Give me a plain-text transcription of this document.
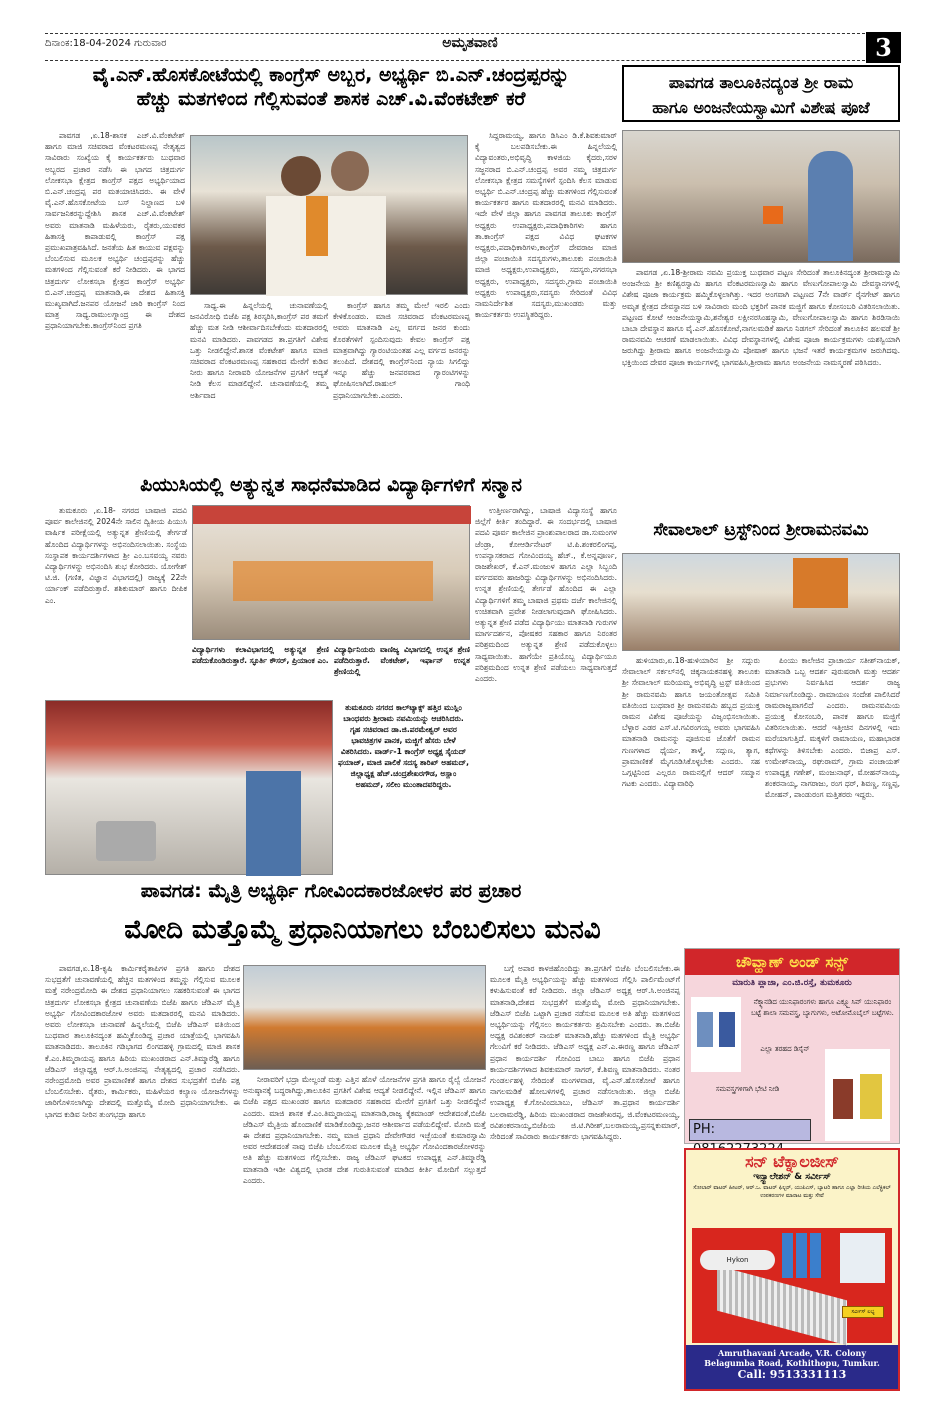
ದಿನಾಂಕ:18-04-2024 ಗುರುವಾರ	ಅಮೃತವಾಣಿ	3
ವೈ.ಎನ್.ಹೊಸಕೋಟೆಯಲ್ಲಿ ಕಾಂಗ್ರೆಸ್ ಅಬ್ಬರ, ಅಭ್ಯರ್ಥಿ ಬಿ.ಎನ್.ಚಂದ್ರಪ್ಪರನ್ನು
ಹೆಚ್ಚು ಮತಗಳಿಂದ ಗೆಲ್ಲಿಸುವಂತೆ ಶಾಸಕ ಎಚ್.ವಿ.ವೆಂಕಟೇಶ್ ಕರೆ

ಪಾವಗಡ ,ಏ.18-ಶಾಸಕ ಎಚ್.ವಿ.ವೆಂಕಟೇಶ್ ಹಾಗೂ ಮಾಜಿ ಸಚಿವರಾದ ವೆಂಕಟರಮಣಪ್ಪ ನೇತೃತ್ವದ ಸಾವಿರಾರು ಸಂಖ್ಯೆಯ ಕೈ ಕಾರ್ಯಕರ್ತರು ಬುಧವಾರ ಅಬ್ಬರದ ಪ್ರಚಾರ ನಡೆಸಿ ಈ ಭಾಗದ ಚಿತ್ರದುರ್ಗ ಲೋಕಸಭಾ ಕ್ಷೇತ್ರದ ಕಾಂಗ್ರೆಸ್ ಪಕ್ಷದ ಅಭ್ಯರ್ಥಿಯಾದ ಬಿ.ಎನ್.ಚಂದ್ರಪ್ಪ ಪರ ಮತಯಾಚಿಸಿದರು. ಈ ವೇಳೆ ವೈ.ಎನ್.ಹೊಸಕೋಟೆಯ ಬಸ್ ನಿಲ್ದಾಣದ ಬಳಿ ಸಾರ್ವಜನಿಕರನ್ನುದ್ದೇಶಿಸಿ ಶಾಸಕ ಎಚ್.ವಿ.ವೆಂಕಟೇಶ್ ಅವರು ಮಾತನಾಡಿ ಮಹಿಳೆಯರು, ರೈತರು,ಯುವಕರ ಹಿತಾಸಕ್ತಿ ಕಾಪಾಡುವಲ್ಲಿ ಕಾಂಗ್ರೆಸ್ ಪಕ್ಷ ಪ್ರಮುಖಪಾತ್ರವಹಿಸಿದೆ. ಜನತೆಯ ಹಿತ ಕಾಯುವ ಪಕ್ಷವನ್ನು ಬೆಂಬಲಿಸುವ ಮೂಲಕ ಅಭ್ಯರ್ಥಿ ಚಂದ್ರಪ್ಪರನ್ನು ಹೆಚ್ಚು ಮತಗಳಿಂದ ಗೆಲ್ಲಿಸುವಂತೆ ಕರೆ ನೀಡಿದರು. ಈ ಭಾಗದ ಚಿತ್ರದುರ್ಗ ಲೋಕಸಭಾ ಕ್ಷೇತ್ರದ ಕಾಂಗ್ರೆಸ್ ಅಭ್ಯರ್ಥಿ ಬಿ.ಎನ್.ಚಂದ್ರಪ್ಪ ಮಾತನಾಡಿ,ಈ ದೇಶದ ಹಿತಾಸಕ್ತಿ ಮುಖ್ಯವಾಗಿದೆ.ಜನಪರ ಯೋಜನೆ ಜಾರಿ ಕಾಂಗ್ರೆಸ್ ನಿಂದ ಮಾತ್ರ ಸಾಧ್ಯ.ರಾಮುಲಗ್ನಾಂದ್ರ ಈ ದೇಶದ ಪ್ರಧಾನಿಯಾಗಬೇಕು.ಕಾಂಗ್ರೆಸ್‌ನಿಂದ ಪ್ರಗತಿ

ಸಾಧ್ಯ.ಈ ಹಿನ್ನಲೆಯಲ್ಲಿ ಚುನಾವಣೆಯಲ್ಲಿ ಜನವಿರೋಧಿ ಬಿಜೆಪಿ ಪಕ್ಷ ತಿರಸ್ಕರಿಸಿ,ಕಾಂಗ್ರೆಸ್ ಪರ ತಮಗೆ ಹೆಚ್ಚು ಮತ ನೀಡಿ ಆಶೀರ್ವಾದಿಸಬೇಕೆಂದು ಮತದಾರರಲ್ಲಿ ಮನವಿ ಮಾಡಿದರು. ಪಾವಗಡದ ತಾ.ಪ್ರಗತಿಗೆ ವಿಶೇಷ ಒತ್ತು ನೀಡಲಿದ್ದೇನೆ.ಶಾಸಕ ವೆಂಕಟೇಶ್ ಹಾಗೂ ಮಾಜಿ ಸಚಿವರಾದ ವೆಂಕಟರಮಣಪ್ಪ ಸಹಕಾರದ ಮೇರೆಗೆ ಕುಡಿವ ನೀರು ಹಾಗೂ ನೀರಾವರಿ ಯೋಜನೆಗಳ ಪ್ರಗತಿಗೆ ಆದ್ಯತೆ ನೀಡಿ ಕೆಲಸ ಮಾಡಲಿದ್ದೇನೆ. ಚುನಾವಣೆಯಲ್ಲಿ ತಮ್ಮ ಅರ್ಶಿವಾದ

ಕಾಂಗ್ರೆಸ್ ಹಾಗೂ ತಮ್ಮ ಮೇಲೆ ಇರಲಿ ಎಂದು ಕೇಳಿಕೊಂಡರು. ಮಾಜಿ ಸಚಿವರಾದ ವೆಂಕಟರಮಣಪ್ಪ ಅವರು ಮಾತನಾಡಿ ಎಲ್ಲ ವರ್ಗದ ಜನರ ಕುಂದು ಕೊರತೆಗಳಿಗೆ ಸ್ಪಂದಿಸುವುದು ಕೇವಲ ಕಾಂಗ್ರೆಸ್ ಪಕ್ಷ ಮಾತ್ರವಾಗಿದ್ದು ಗ್ಯಾರಂಟಿಯಂತಹ ಎಲ್ಲ ವರ್ಗದ ಜನರನ್ನು ತಲುಪಿದೆ. ದೇಶದಲ್ಲಿ ಕಾಂಗ್ರೆಸ್‌ನಿಂದ ನ್ಯಾಯ ಸಿಗಲಿದ್ದು ಇನ್ನೂ ಹೆಚ್ಚು ಜನಪರವಾದ ಗ್ಯಾರಂಟಿಗಳನ್ನು ಘೋಷಿಸಲಾಗಿದೆ.ರಾಹುಲ್ ಗಾಂಧಿ ಪ್ರಧಾನಿಯಾಗಬೇಕು.ಎಂದರು.

ಸಿದ್ದರಾಮಯ್ಯ, ಹಾಗೂ ಡಿಸಿಎಂ ಡಿ.ಕೆ.ಶಿವಕುಮಾರ್ ಕೈ ಬಲಪಡಿಸಬೇಕು.ಈ ಹಿನ್ನಲೆಯಲ್ಲಿ ವಿದ್ಯಾವಂತರು,ಅಭಿವೃದ್ಧಿ ಕಾಳಜಿಯ ಕೈದರು,ಸರಳ ಸಜ್ಜನರಾದ ಬಿ.ಎನ್.ಚಂದ್ರಪ್ಪ ಅವರ ನಮ್ಮ ಚಿತ್ರದುರ್ಗ ಲೋಕಸಭಾ ಕ್ಷೇತ್ರದ ಸಮಸ್ಯೆಗಳಿಗೆ ಸ್ಪಂದಿಸಿ ಕೆಲಸ ಮಾಡುವ ಅಭ್ಯರ್ಥಿ ಬಿ.ಎನ್.ಚಂದ್ರಪ್ಪ ಹೆಚ್ಚು ಮತಗಳಿಂದ ಗೆಲ್ಲಿಸುವಂತೆ ಕಾರ್ಯಕರ್ತರ ಹಾಗೂ ಮತದಾರರಲ್ಲಿ ಮನವಿ ಮಾಡಿದರು. ಇದೇ ವೇಳೆ ಜಿಲ್ಲಾ ಹಾಗೂ ಪಾವಗಡ ತಾಲೂಕು ಕಾಂಗ್ರೆಸ್ ಅಧ್ಯಕ್ಷರು ಉಪಾಧ್ಯಕ್ಷರು,ಪದಾಧಿಕಾರಿಗಳು ಹಾಗೂ ತಾ.ಕಾಂಗ್ರೆಸ್ ಪಕ್ಷದ ವಿವಿಧ ಘಟಕಗಳ ಅಧ್ಯಕ್ಷರು,ಪದಾಧಿಕಾರಿಗಳು,ಕಾಂಗ್ರೆಸ್ ದೇವರಾಜ ಮಾಜಿ ಜಿಲ್ಲಾ ಪಂಚಾಯಿತಿ ಸದಸ್ಯರುಗಳು,ತಾಲೂಕು ಪಂಚಾಯಿತಿ ಮಾಜಿ ಅಧ್ಯಕ್ಷರು,ಉಪಾಧ್ಯಕ್ಷರು, ಸದಸ್ಯರು,ನಗರಸಭಾ ಅಧ್ಯಕ್ಷರು, ಉಪಾಧ್ಯಕ್ಷರು, ಸದಸ್ಯರು,ಗ್ರಾಮ ಪಂಚಾಯಿತಿ ಅಧ್ಯಕ್ಷರು ಉಪಾಧ್ಯಕ್ಷರು,ಸದಸ್ಯರು ಸೇರಿದಂತೆ ವಿವಿಧ ನಾಮನಿರ್ದೇಶಿತ ಸದಸ್ಯರು,ಮುಖಂಡರು ಮತ್ತು ಕಾರ್ಯಕರ್ತರು ಉಪಸ್ಥಿತರಿದ್ದರು.

ಪಾವಗಡ ತಾಲೂಕಿನದ್ಯಂತ ಶ್ರೀ ರಾಮ
ಹಾಗೂ ಅಂಜನೇಯಸ್ವಾಮಿಗೆ ವಿಶೇಷ ಪೂಜೆ

ಪಾವಗಡ ,ಏ.18-ಶ್ರೀರಾಮ ನವಮಿ ಪ್ರಯುಕ್ತ ಬುಧವಾರ ಪಟ್ಟಣ ಸೇರಿದಂತೆ ತಾಲೂಕಿನದ್ಯಂತ ಶ್ರೀರಾಮಸ್ವಾಮಿ ಅಂಜನೇಯ ಶ್ರೀ ಕಣಿಶ್ವರಸ್ವಾಮಿ ಹಾಗೂ ವೆಂಕಟರಮಣಸ್ವಾಮಿ ಹಾಗೂ ವೇಣುಗೋಪಾಲಸ್ವಾಮಿ ದೇವಸ್ಥಾನಗಳಲ್ಲಿ ವಿಶೇಷ ಪೂಜಾ ಕಾರ್ಯಕ್ರಮ ಹಮ್ಮಿಕೊಳ್ಳಲಾಗಿತ್ತು. ಇದರ ಅಂಗವಾಗಿ ಪಟ್ಟಣದ 7ನೇ ವಾರ್ಡ್ ರೈನಗೇಟ್ ಹಾಗೂ ಅಮೃತ ಕ್ಷೇತ್ರದ ದೇವಸ್ಥಾನದ ಬಳಿ ಸಾವಿರಾರು ಮಂದಿ ಭಕ್ತರಿಗೆ ಪಾನಕ ಮಜ್ಜಿಗೆ ಹಾಗೂ ಕೋಸಂಬರಿ ವಿತರಿಸಲಾಯಿತು. ಪಟ್ಟಣದ ಕೋಟೆ ಆಂಜನೇಯಸ್ವಾಮಿ,ಶನೇಶ್ವರ ಲಕ್ಷೀನರಸಿಂಹಸ್ವಾಮಿ, ವೇಣುಗೋಪಾಲಸ್ವಾಮಿ ಹಾಗೂ ಶಿರಡಿಸಾಯಿ ಬಾಬಾ ದೇವಸ್ಥಾನ ಹಾಗೂ ವೈ.ಎನ್.ಹೊಸಕೋಟೆ,ನಾಗಲಮಡಿಕೆ ಹಾಗೂ ನಿಡಗಲ್ ಸೇರಿದಂತೆ ತಾಲೂಕಿನ ಹಲವಡೆ ಶ್ರೀ ರಾಮನವಮಿ ಆಚರಣೆ ಮಾಡಲಾಯಿತು. ವಿವಿಧ ದೇವಸ್ಥಾನಗಳಲ್ಲಿ ವಿಶೇಷ ಪೂಜಾ ಕಾರ್ಯಕ್ರಮಗಳು ಯಶಸ್ವಿಯಾಗಿ ಜರುಗಿದ್ದು ಶ್ರೀರಾಮ ಹಾಗೂ ಅಂಜನೇಯಸ್ವಾಮಿ ಪೋಷಾಕ್ ಹಾಗೂ ಭಜನೆ ಇತರೆ ಕಾರ್ಯಕ್ರಮಗಳ ಜರುಗಿದವು. ಭಕ್ತಿಯಿಂದ ದೇವರ ಪೂಜಾ ಕಾರ್ಯಗಳಲ್ಲಿ ಭಾಗವಹಿಸಿ,ಶ್ರೀರಾಮ ಹಾಗೂ ಅಂಜನೇಯ ನಾಮಸ್ಮರಣೆ ಪಠಿಸಿದರು.

ಪಿಯುಸಿಯಲ್ಲಿ ಅತ್ಯುನ್ನತ ಸಾಧನೆಮಾಡಿದ ವಿದ್ಯಾರ್ಥಿಗಳಿಗೆ ಸನ್ಮಾನ

ತುಮಕೂರು ,ಏ.18- ನಗರದ ಬಾಷಾಜಿ ಪದವಿ ಪೂರ್ವ ಕಾಲೇಜಿನಲ್ಲಿ 2024ನೇ ಸಾಲಿನ ದ್ವಿತೀಯ ಪಿಯುಸಿ ವಾರ್ಷಿಕ ಪರೀಕ್ಷೆಯಲ್ಲಿ ಅತ್ಯುನ್ನತ ಶ್ರೇಣಿಯಲ್ಲಿ ತೇರ್ಗಡೆ ಹೊಂದಿದ ವಿದ್ಯಾರ್ಥಿಗಳನ್ನು ಅಭಿನಂದಿಸಲಾಯಿತು. ಸಂಸ್ಥೆಯ ಸಂಸ್ಥಾಪಕ ಕಾರ್ಯದರ್ಶಿಗಳಾದ ಶ್ರೀ ಎಂ.ಬಸವಯ್ಯ ನವರು ವಿದ್ಯಾರ್ಥಿಗಳನ್ನು ಅಭಿನಂದಿಸಿ ಶುಭ ಕೋರಿದರು. ಯೋಗೇಶ್ ಟಿ.ಜಿ. (ಗಣಿತ, ವಿಜ್ಞಾನ ವಿಭಾಗದಲ್ಲಿ) ರಾಜ್ಯಕ್ಕೆ 22ನೇ ರ್ಯಾಂಕ್ ಪಡೆದಿರುತ್ತಾರೆ. ಶಶಿಕುಮಾರ್ ಹಾಗೂ ದೀಪಿಕ ಎಂ.

ವಿದ್ಯಾರ್ಥಿಗಳು ಕಲಾವಿಭಾಗದಲ್ಲಿ ಅತ್ಯುನ್ನತ ಶ್ರೇಣಿ ಪಡೆದುಕೊಂಡಿರುತ್ತಾರೆ. ಸ್ಫೂರ್ತಿ ಕೌಸರ್, ಪ್ರಿಯಾಂಕ ಎಂ.
ವಿದ್ಯಾರ್ಥಿನಿಯರು ವಾಣಿಜ್ಯ ವಿಭಾಗದಲ್ಲಿ ಉನ್ನತ ಶ್ರೇಣಿ ಪಡೆದಿರುತ್ತಾರೆ. ವೆಂಕಟೇಶ್, ಇರ್ಫಾನ್ ಉನ್ನತ ಶ್ರೇಣಿಯಲ್ಲಿ

ಉತ್ತೀರ್ಣರಾಗಿದ್ದು, ಬಾಷಾಜಿ ವಿದ್ಯಾಸಂಸ್ಥೆ ಹಾಗೂ ಜಿಲ್ಲೆಗೆ ಕೀರ್ತಿ ತಂದಿದ್ದಾರೆ. ಈ ಸಂದರ್ಭದಲ್ಲಿ ಬಾಷಾಜಿ ಪದವಿ ಪೂರ್ವ ಕಾಲೇಜಿನ ಪ್ರಾಂಶುಪಾಲರಾದ ಡಾ.ಸುಮಂಗಳ ಜೆಂಡ್ರಾ, ಕೋಆರ್ಡಿನೇಟರ್ ಟಿ.ಪಿ.ಶಂಕರಲಿಂಗಪ್ಪ, ಉಪನ್ಯಾಸಕರಾದ ಗೋವಿಂದಯ್ಯ ಹೆಚ್., ಕೆ.ಅನ್ನಪೂರ್ಣ, ರಾಜಶೇಖರ್, ಕೆ.ಎನ್.ಮಂಜುಳ ಹಾಗೂ ಎಲ್ಲಾ ಸಿಬ್ಬಂದಿ ವರ್ಗದವರು ಹಾಜರಿದ್ದು ವಿದ್ಯಾರ್ಥಿಗಳನ್ನು ಅಭಿನಂದಿಸಿದರು. ಉನ್ನತ ಶ್ರೇಣಿಯಲ್ಲಿ ತೇರ್ಗಡೆ ಹೊಂದಿದ ಈ ಎಲ್ಲಾ ವಿದ್ಯಾರ್ಥಿಗಳಿಗೆ ತಮ್ಮ ಬಾಷಾಜಿ ಪ್ರಥಮ ದರ್ಜೆ ಕಾಲೇಜಿನಲ್ಲಿ ಉಚಿತವಾಗಿ ಪ್ರವೇಶ ನೀಡಲಾಗುವುದಾಗಿ ಘೋಷಿಸಿದರು. ಅತ್ಯುನ್ನತ ಶ್ರೇಣಿ ಪಡೆದ ವಿದ್ಯಾರ್ಥಿಯು ಮಾತನಾಡಿ ಗುರುಗಳ ಮಾರ್ಗದರ್ಶನ, ಪೋಷಕರ ಸಹಕಾರ ಹಾಗೂ ನಿರಂತರ ಪರಿಶ್ರಮದಿಂದ ಅತ್ಯುನ್ನತ ಶ್ರೇಣಿ ಪಡೆದುಕೊಳ್ಳಲು ಸಾಧ್ಯವಾಯಿತು. ಹಾಗೆಯೇ ಪ್ರತಿಯೊಬ್ಬ ವಿದ್ಯಾರ್ಥಿಯೂ ಪರಿಶ್ರಮದಿಂದ ಉನ್ನತ ಶ್ರೇಣಿ ಪಡೆಯಲು ಸಾಧ್ಯವಾಗುತ್ತದೆ ಎಂದರು.

ತುಮಕೂರು ನಗರದ ಕಾಲ್‌ಟ್ಯಾಕ್ಸ್ ಹತ್ತಿರ ಮುಸ್ಲಿಂ ಬಾಂಧವರು ಶ್ರೀರಾಮ ನವಮಿಯನ್ನು ಆಚರಿಸಿದರು. ಗೃಹ ಸಚಿವರಾದ ಡಾ.ಜಿ.ಪರಮೇಶ್ವರ್ ಅವರ ಭಾವಚಿತ್ರಗಳ ಪಾನಕ, ಮಜ್ಜಿಗೆ ಹೆಸರು ಬೇಳೆ ವಿತರಿಸಿದರು. ವಾರ್ಡ್-1 ಕಾಂಗ್ರೆಸ್ ಅಧ್ಯಕ್ಷ ಸೈಯದ್ ಫಯಾಜ್, ಮಾಜಿ ಪಾಲಿಕೆ ಸದಸ್ಯ ತಾರಿಖ್ ಅಹಮದ್, ಜಿಲ್ಲಾಧ್ಯಕ್ಷ ಹೆಚ್.ಚಂದ್ರಶೇಖರಗೌಡ, ಅಸ್ಲಾಂ ಅಹಮದ್, ಸಲೀಂ ಮುಂತಾದವರಿದ್ದರು.
ಸೇವಾಲಾಲ್ ಟ್ರಸ್ಟ್‌ನಿಂದ ಶ್ರೀರಾಮನವಮಿ

ಹುಳಿಯಾರು,ಏ.18-ಹುಳಿಯಾರಿನ ಶ್ರೀ ಸದ್ಗುರು ಸೇವಾಲಾಲ್ ಸರ್ಕಲ್‌ನಲ್ಲಿ ಚಿಕ್ಕನಾಯಕನಹಳ್ಳಿ ತಾಲೂಕು ಶ್ರೀ ಸೇವಾಲಾಲ್ ಮರಿಯಮ್ಮ ಅಭಿವೃದ್ಧಿ ಟ್ರಸ್ಟ್ ವತಿಯಿಂದ ಶ್ರೀ ರಾಮನವಮಿ ಹಾಗೂ ಜಯಂತೋತ್ಸವ ಸಮಿತಿ ವತಿಯಿಂದ ಬುಧವಾರ ಶ್ರೀ ರಾಮನವಮಿ ಹಬ್ಬದ ಪ್ರಯುಕ್ತ ರಾಮನ ವಿಶೇಷ ಪೂಜೆಯನ್ನು ವಿಜೃಂಭಿಸಲಾಯಿತು. ಬೆಳ್ಳಾರ ಎಡರ ಎಸ್.ಟಿ.ಗವಿರಂಗಯ್ಯ ಅವರು ಭಾಗವಹಿಸಿ ಮಾತನಾಡಿ ರಾಮನನ್ನು ಪೂಜಿಸುವ ಜೊತೆಗೆ ರಾಮನ ಗುಣಗಳಾದ ಧೈರ್ಯ, ತಾಳ್ಮೆ, ಸದ್ಗುಣ, ತ್ಯಾಗ, ಪ್ರಾಮಾಣಿಕತೆ ಮೈಗೂಡಿಸಿಕೊಳ್ಳಬೇಕು ಎಂದರು. ಸಹ ಒಗ್ಗಟ್ಟಿನಿಂದ ಎಲ್ಲರೂ ರಾಮನಲ್ಲಿಗೆ ಆದರ್ ಸಮ್ಮಾನ ಗಟಕು ಎಂದರು. ವಿದ್ಯಾವಾರಿಧಿ

ಪಿಂಯು ಕಾಲೇಜಿನ ಪ್ರಾಚಾರ್ಯ ಸತೀಶ್‌ನಾಯಕ್, ಮಾತನಾಡಿ ಒಬ್ಬ ಆದರ್ಶ ಪುರುಷರಾಗಿ ಮತ್ತು ಆದರ್ಶ ಪ್ರಭುಗಳು ನಿರ್ವಹಿಸಿದ ಆದರ್ಶ ರಾಜ್ಯ ನಿರ್ಮಾಣಗೊಂಡಿದ್ದು. ರಾಮಾಯಣ ಸಂದೇಶ ಪಾಲಿಸಿದರೆ ರಾಮರಾಜ್ಯವಾಗಲಿದೆ ಎಂದರು. ರಾಮನವಮಿಯ ಪ್ರಯುಕ್ತ ಕೋಸಂಬರಿ, ಪಾನಕ ಹಾಗೂ ಮಜ್ಜಿಗೆ ವಿತರಿಸಲಾಯಿತು. ಆದರೆ ಇತ್ತೀಚಿನ ದಿನಗಳಲ್ಲಿ ಇದು ಮರೆಯಾಗುತ್ತಿದೆ. ಮಕ್ಕಳಿಗೆ ರಾಮಾಯಣ, ಮಹಾಭಾರತ ಕಥೆಗಳನ್ನು ತಿಳಿಸಬೇಕು ಎಂದರು. ಬಿಜಾಪ್ರ ಎಸ್. ಉಮೇಶ್‌ನಾಯ್ಕ, ರಘುರಾಮ್, ಗ್ರಾಮ ಪಂಚಾಯತ್ ಉಪಾಧ್ಯಕ್ಷ ಗಣೇಶ್, ಮಂಜುನಾಥ್, ಮೋಹನ್‌ನಾಯ್ಕ, ಶಂಕರನಾಯ್ಕ, ನಾಗರಾಜು, ರಂಗ ಧರ್, ಶಿವಣ್ಣ, ಸಣ್ಣಪ್ಪ, ಮೋಹನ್, ಪಾಂಡುರಂಗ ಮತ್ತಿತರರು ಇದ್ದರು.

ಪಾವಗಡ: ಮೈತ್ರಿ ಅಭ್ಯರ್ಥಿ ಗೋವಿಂದಕಾರಜೋಳರ ಪರ ಪ್ರಚಾರ
ಮೋದಿ ಮತ್ತೊಮ್ಮೆ ಪ್ರಧಾನಿಯಾಗಲು ಬೆಂಬಲಿಸಲು ಮನವಿ

ಪಾವಗಡ,ಏ.18-ಕೃಷಿ ಕಾರ್ಮಿಕರೈತಾಪಿಗಳ ಪ್ರಗತಿ ಹಾಗೂ ದೇಶದ ಸುಭದ್ರತೆಗೆ ಚುನಾವಣೆಯಲ್ಲಿ ಹೆಚ್ಚಿನ ಮತಗಳಿಂದ ತಮ್ಮನ್ನು ಗೆಲ್ಲಿಸುವ ಮೂಲಕ ಮತ್ತೆ ನರೇಂದ್ರಮೋದಿ ಈ ದೇಶದ ಪ್ರಧಾನಿಯಾಗಲು ಸಹಕರಿಸುವಂತೆ ಈ ಭಾಗದ ಚಿತ್ರದುರ್ಗ ಲೋಕಸಭಾ ಕ್ಷೇತ್ರದ ಚುನಾವಣೆಯ ಬಿಜೆಪಿ ಹಾಗೂ ಜೆಡಿಎಸ್ ಮೈತ್ರಿ ಅಭ್ಯರ್ಥಿ ಗೋವಿಂದಕಾರಜೋಳ ಅವರು ಮತದಾರರಲ್ಲಿ ಮನವಿ ಮಾಡಿದರು. ಅವರು ಲೋಕಸಭಾ ಚುನಾವಣೆ ಹಿನ್ನಲೆಯಲ್ಲಿ ಬಿಜೆಪಿ ಜೆಡಿಎಸ್ ವತಿಯಿಂದ ಬುಧವಾರ ತಾಲೂಕಿನದ್ಯಂತ ಹಮ್ಮಿಕೊಂಡಿದ್ದ ಪ್ರಚಾರ ಯಾತ್ರೆಯಲ್ಲಿ ಭಾಗವಹಿಸಿ ಮಾತನಾಡಿದರು. ತಾಲೂಕಿನ ಗಡಿಭಾಗದ ಲಿಂಗದಹಳ್ಳಿ ಗ್ರಾಮದಲ್ಲಿ ಮಾಜಿ ಶಾಸಕ ಕೆ.ಎಂ.ತಿಮ್ಮರಾಯಪ್ಪ ಹಾಗೂ ಹಿರಿಯ ಮುಖಂಡರಾದ ಎನ್.ತಿಮ್ಮಾರೆಡ್ಡಿ ಹಾಗೂ ಜೆಡಿಎಸ್ ಜಿಲ್ಲಾಧ್ಯಕ್ಷ ಆರ್.ಸಿ.ಅಂಜಿನಪ್ಪ ನೇತೃತ್ವದಲ್ಲಿ ಪ್ರಚಾರ ನಡೆಸಿದರು. ನರೇಂದ್ರಮೋದಿ ಅವರ ಪ್ರಾಮಾಣಿಕತೆ ಹಾಗೂ ದೇಶದ ಸುಭದ್ರತೆಗೆ ಬಿಜೆಪಿ ಪಕ್ಷ ಬೆಂಬಲಿಸಬೇಕು. ರೈತರು, ಕಾರ್ಮಿಕರು, ಮಹಿಳೆಯರ ಕಲ್ಯಾಣ ಯೋಜನೆಗಳನ್ನು ಜಾರಿಗೊಳಿಸಲಾಗಿದ್ದು ದೇಶದಲ್ಲಿ ಮತ್ತೊಮ್ಮೆ ಮೋದಿ ಪ್ರಧಾನಿಯಾಗಬೇಕು. ಈ ಭಾಗದ ಕುಡಿವ ನೀರಿನ ತುಂಗಭದ್ರಾ ಹಾಗೂ

ನೀರಾವರಿಗೆ ಭದ್ರಾ ಮೇಲ್ದಂಡೆ ಮತ್ತು ಎತ್ತಿನ ಹೊಳೆ ಯೋಜನೆಗಳ ಪ್ರಗತಿ ಹಾಗೂ ರೈಲ್ವೆ ಯೋಜನೆ ಅನುಷ್ಠಾನಕ್ಕೆ ಬದ್ಧರಾಗಿದ್ದು,ತಾಲೂಕಿನ ಪ್ರಗತಿಗೆ ವಿಶೇಷ ಆದ್ಯತೆ ನೀಡಲಿದ್ದೇನೆ. ಇಲ್ಲಿನ ಜೆಡಿಎಸ್ ಹಾಗೂ ಬಿಜೆಪಿ ಪಕ್ಷದ ಮುಖಂಡರ ಹಾಗೂ ಮತದಾರರ ಸಹಕಾರದ ಮೇರೆಗೆ ಪ್ರಗತಿಗೆ ಒತ್ತು ನೀಡಲಿದ್ದೇನೆ ಎಂದರು. ಮಾಜಿ ಶಾಸಕ ಕೆ.ಎಂ.ತಿಮ್ಮರಾಯಪ್ಪ ಮಾತನಾಡಿ,ರಾಜ್ಯ ಕೈಕಮಾಂಡ್ ಆದೇಶದಂತೆ,ಬಿಜೆಪಿ ಜೆಡಿಎಸ್ ಮೈತ್ರಿಯ ಹೊಂದಾಣಿಕೆ ಮಾಡಿಕೊಂಡಿದ್ದು,ಜನರ ಆಶೀರ್ವಾದ ಪಡೆಯಲಿದ್ದೇವೆ. ಮೋದಿ ಮತ್ತೆ ಈ ದೇಶದ ಪ್ರಧಾನಿಯಾಗಬೇಕು. ನಮ್ಮ ಮಾಜಿ ಪ್ರಧಾನಿ ದೇವೇಗೌಡರ ಇಚ್ಛೆಯಂತೆ ಕುಮಾರಸ್ವಾಮಿ ಅವರ ಆದೇಶದಂತೆ ನಾವು ಬಿಜೆಪಿ ಬೆಂಬಲಿಸುವ ಮೂಲಕ ಮೈತ್ರಿ ಅಭ್ಯರ್ಥಿ ಗೋವಿಂದಕಾರಜೋಳರನ್ನು ಅತಿ ಹೆಚ್ಚು ಮತಗಳಿಂದ ಗೆಲ್ಲಿಸಬೇಕು. ರಾಜ್ಯ ಜೆಡಿಎಸ್ ಘಟಕದ ಉಪಾಧ್ಯಕ್ಷ ಎನ್.ತಿಮ್ಮಾರೆಡ್ಡಿ ಮಾತನಾಡಿ ಇಡೀ ವಿಶ್ವದಲ್ಲಿ ಭಾರತ ದೇಶ ಗುರುತಿಸುವಂತೆ ಮಾಡಿದ ಕೀರ್ತಿ ಮೋದಿಗೆ ಸಲ್ಲುತ್ತದೆ ಎಂದರು.

ಬಗ್ಗೆ ಅಪಾರ ಕಾಳಜಿಹೊಂದಿದ್ದು ತಾ.ಪ್ರಗತಿಗೆ ಬಿಜೆಪಿ ಬೆಂಬಲಿಸಬೇಕು.ಈ ಮೂಲಕ ಮೈತ್ರಿ ಅಭ್ಯರ್ಥಿಯನ್ನು ಹೆಚ್ಚು ಮತಗಳಿಂದ ಗೆಲ್ಲಿಸಿ ಪಾರ್ಲಿಮೆಂಟ್‌ಗೆ ಕಳುಹಿಸುವಂತೆ ಕರೆ ನೀಡಿದರು. ಜಿಲ್ಲಾ ಜೆಡಿಎಸ್ ಅಧ್ಯಕ್ಷ ಆರ್.ಸಿ.ಅಂಜಿನಪ್ಪ ಮಾತನಾಡಿ,ದೇಶದ ಸುಭದ್ರತೆಗೆ ಮತ್ತೊಮ್ಮೆ ಮೋದಿ ಪ್ರಧಾನಿಯಾಗಬೇಕು. ಜೆಡಿಎಸ್ ಬಿಜೆಪಿ ಒಟ್ಟಾಗಿ ಪ್ರಚಾರ ನಡೆಸುವ ಮೂಲಕ ಅತಿ ಹೆಚ್ಚು ಮತಗಳಿಂದ ಅಭ್ಯರ್ಥಿಯನ್ನು ಗೆಲ್ಲಿಸಲು ಕಾರ್ಯಕರ್ತರು ಶ್ರಮಿಸಬೇಕು ಎಂದರು. ತಾ.ಬಿಜೆಪಿ ಅಧ್ಯಕ್ಷ ರವಿಶಂಕರ್ ನಾಯಕ್ ಮಾತನಾಡಿ,ಹೆಚ್ಚು ಮತಗಳಿಂದ ಮೈತ್ರಿ ಅಭ್ಯರ್ಥಿ ಗೆಲುವಿಗೆ ಕರೆ ನೀಡಿದರು. ಜೆಡಿಎಸ್ ಅಧ್ಯಕ್ಷ ಎನ್.ಎ.ಈರಣ್ಣ ಹಾಗೂ ಜೆಡಿಎಸ್ ಪ್ರಧಾನ ಕಾರ್ಯದರ್ಶಿ ಗೋವಿಂದ ಬಾಬು ಹಾಗೂ ಬಿಜೆಪಿ ಪ್ರಧಾನ ಕಾರ್ಯದರ್ಶಿಗಳಾದ ಶಿವಕುಮಾರ್ ಸಾಗರ್, ಕೆ.ಶಿವಣ್ಣ ಮಾತನಾಡಿದರು. ನಂತರ ಗುಂಡರ್ಲಹಳ್ಳಿ ಸೇರಿದಂತೆ ಮಂಗಳವಾಡ, ವೈ.ಎನ್.ಹೊಸಕೋಟೆ ಹಾಗೂ ನಾಗಲಮಡಿಕೆ ಹೋಬಳಿಗಳಲ್ಲಿ ಪ್ರಚಾರ ನಡೆಸಲಾಯಿತು. ಜಿಲ್ಲಾ ಬಿಜೆಪಿ ಉಪಾಧ್ಯಕ್ಷ ಕೆ.ಗೋವಿಂದಬಾಬು, ಜೆಡಿಎಸ್ ತಾ.ಪ್ರಧಾನ ಕಾರ್ಯದರ್ಶಿ ಬಲರಾಮರೆಡ್ಡಿ, ಹಿರಿಯ ಮುಖಂಡರಾದ ರಾಜಶೇಖರಪ್ಪ, ಜಿ.ವೆಂಕಟರಮಣಯ್ಯ, ರವಿಶಂಕರನಾಯ್ಕ,ಬಿಜೆಪಿಯ ಜಿ.ಟಿ.ಗಿರೀಶ್,ಬಲರಾಮಯ್ಯ,ಪ್ರಸನ್ನಕುಮಾರ್, ಸೇರಿದಂತೆ ಸಾವಿರಾರು ಕಾರ್ಯಕರ್ತರು ಭಾಗವಹಿಸಿದ್ದರು.

ಚೌವ್ಹಾಣ್ ಅಂಡ್ ಸನ್ಸ್
ಮಾರುತಿ ಪ್ಲಾಜಾ, ಎಂ.ಜಿ.ರಸ್ತೆ, ತುಮಕೂರು
ನೆಕ್ಕ್ಯಾನಡಿದ ಯುನಿಫಾರಂಗಳು ಹಾಗೂ ಎಕ್ಸ್ಕ್ಲೂಸಿವ್ ಯುನಿಫಾರಂ ಬಟ್ಟೆ ಶಾಲಾ ಸಮವಸ್ತ್ರ, ಬ್ಯಾಗುಗಳು, ಅಟೋಮೊಬೈಲ್ ಬಟ್ಟೆಗಳು.
ಎಲ್ಲಾ ತರಹದ ಡಿಸೈನ್
ಸಮವಸ್ತ್ರಗಳಿಗಾಗಿ ಭೇಟಿ ನೀಡಿ
PH:
ಸನ್ ಟೆಕ್ನಾಲಜೀಸ್
ಇನ್ಸ್ಟಾಲೇಶನ್ & ಸರ್ವೀಸ್
ಸೋಲಾರ್ ವಾಟರ್ ಹೀಟರ್, ಆರ್.ಒ. ವಾಟರ್ ಫಿಲ್ಟರ್, ಯುಪಿಎಸ್, ಬ್ಯಾಟರಿ ಹಾಗೂ ಎಲ್ಲಾ ರೀತಿಯ ಎಲೆಕ್ಟ್ರಿಕಲ್ ಉಪಕರಣಗಳ ಮಾರಾಟ ಮತ್ತು ಸೇವೆ
Hykon
ಸರ್ವೀಸ್ ಲಭ್ಯ
Amruthavani Arcade, V.R. Colony
Belagumba Road, Kothithopu, Tumkur.
Call: 9513331113
